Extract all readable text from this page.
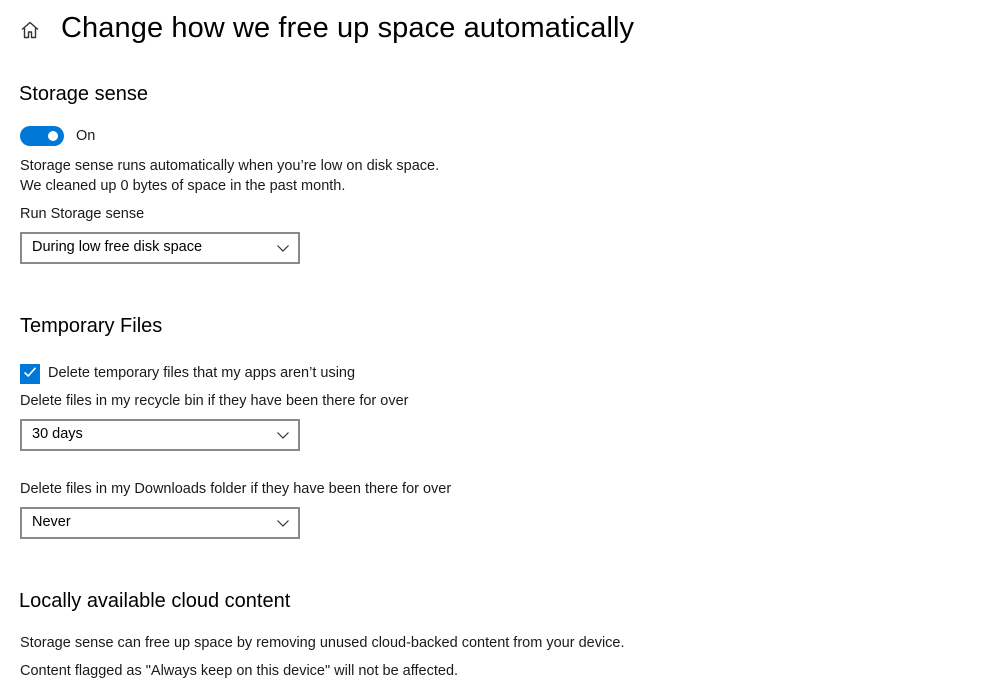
Change how we free up space automatically
Storage sense
On
Storage sense runs automatically when you’re low on disk space.
We cleaned up 0 bytes of space in the past month.
Run Storage sense
During low free disk space
Temporary Files
Delete temporary files that my apps aren’t using
Delete files in my recycle bin if they have been there for over
30 days
Delete files in my Downloads folder if they have been there for over
Never
Locally available cloud content
Storage sense can free up space by removing unused cloud-backed content from your device.
Content flagged as "Always keep on this device" will not be affected.
